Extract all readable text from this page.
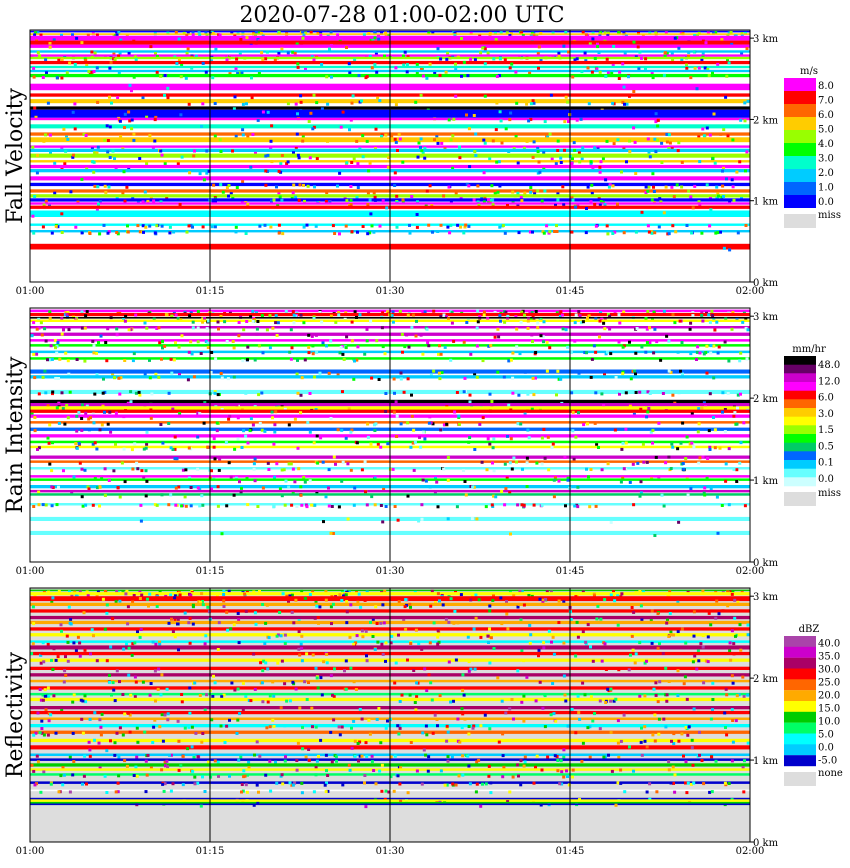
2020-07-28 01:00-02:00 UTC
01:00	01:15	01:30	01:45	02:00
3 km
2 km
1 km
0 km
Fall Velocity
m/s
8.0
7.0
6.0
5.0
4.0
3.0
2.0
1.0
0.0
miss
01:00	01:15	01:30	01:45	02:00
3 km
2 km
1 km
0 km
Rain Intensity
mm/hr
48.0
12.0
6.0
3.0
1.5
0.5
0.1
0.0
miss
01:00	01:15	01:30	01:45	02:00
3 km
2 km
1 km
0 km
Reflectivity
dBZ
40.0
35.0
30.0
25.0
20.0
15.0
10.0
5.0
0.0
-5.0
none
